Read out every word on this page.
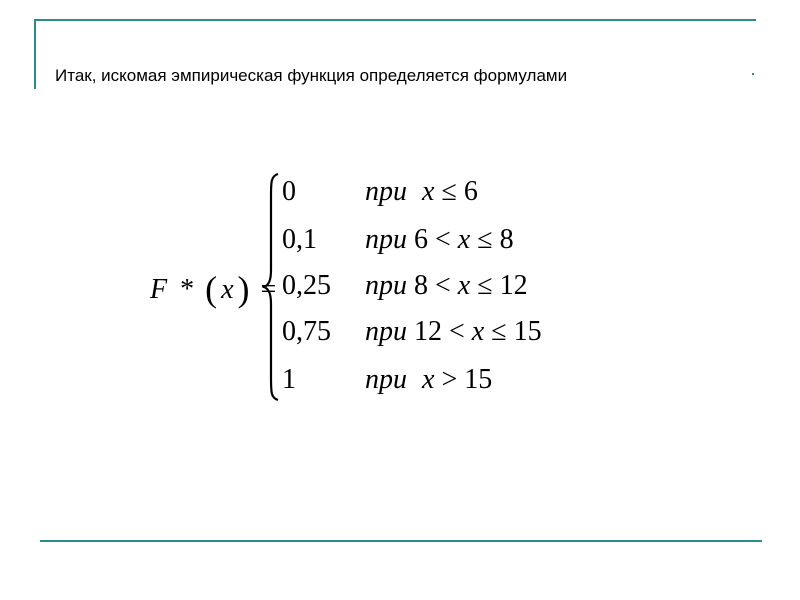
Итак, искомая эмпирическая функция определяется формулами
F * ( x ) =
0 при x ≤ 6
0,1 при 6 < x ≤ 8
0,25 при 8 < x ≤ 12
0,75 при 12 < x ≤ 15
1 при x > 15
